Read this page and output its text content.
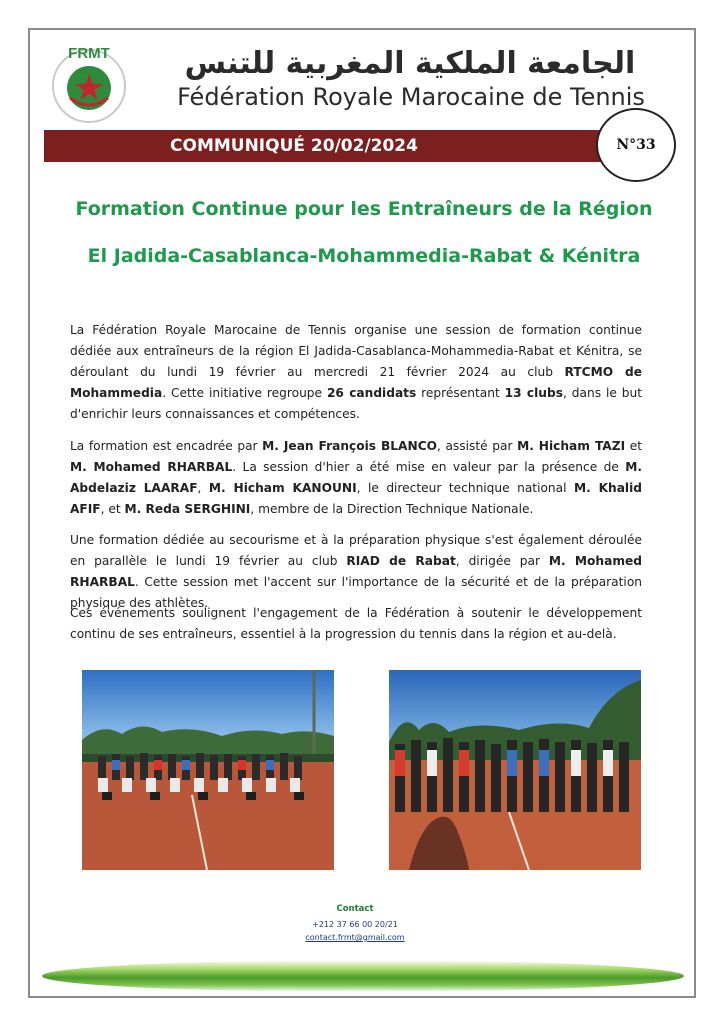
FRMT	الجامعة الملكية المغربية للتنس
Fédération Royale Marocaine de Tennis
COMMUNIQUÉ 20/02/2024	N°33
Formation Continue pour les Entraîneurs de la Région
El Jadida-Casablanca-Mohammedia-Rabat & Kénitra

La Fédération Royale Marocaine de Tennis organise une session de formation continue dédiée aux entraîneurs de la région El Jadida-Casablanca-Mohammedia-Rabat et Kénitra, se déroulant du lundi 19 février au mercredi 21 février 2024 au club RTCMO de Mohammedia. Cette initiative regroupe 26 candidats représentant 13 clubs, dans le but d'enrichir leurs connaissances et compétences.

La formation est encadrée par M. Jean François BLANCO, assisté par M. Hicham TAZI et M. Mohamed RHARBAL. La session d'hier a été mise en valeur par la présence de M. Abdelaziz LAARAF, M. Hicham KANOUNI, le directeur technique national M. Khalid AFIF, et M. Reda SERGHINI, membre de la Direction Technique Nationale.

Une formation dédiée au secourisme et à la préparation physique s'est également déroulée en parallèle le lundi 19 février au club RIAD de Rabat, dirigée par M. Mohamed RHARBAL. Cette session met l'accent sur l'importance de la sécurité et de la préparation physique des athlètes.

Ces événements soulignent l'engagement de la Fédération à soutenir le développement continu de ses entraîneurs, essentiel à la progression du tennis dans la région et au-delà.

Contact
+212 37 66 00 20/21
contact.frmt@gmail.com
